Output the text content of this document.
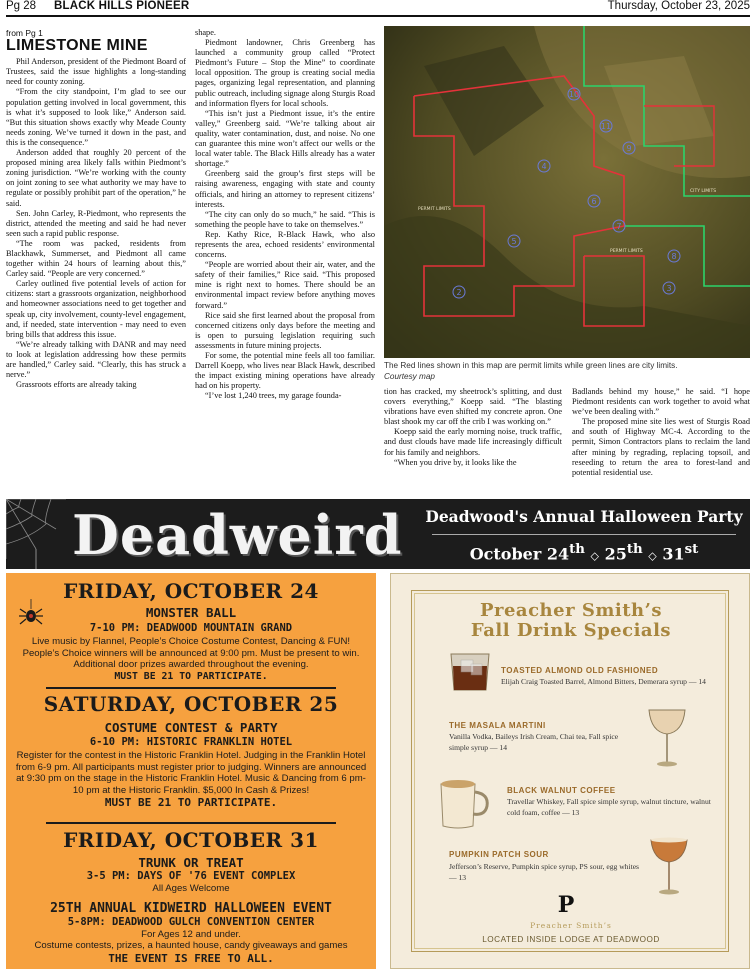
Pg 28 BLACK HILLS PIONEER	Thursday, October 23, 2025
from Pg 1
LIMESTONE MINE

Phil Anderson, president of the Piedmont Board of Trustees, said the issue highlights a long-standing need for county zoning.

“From the city standpoint, I’m glad to see our population getting involved in local government, this is what it’s supposed to look like,” Anderson said. “But this situation shows exactly why Meade County needs zoning. We’ve turned it down in the past, and this is the consequence.”

Anderson added that roughly 20 percent of the proposed mining area likely falls within Piedmont’s zoning jurisdiction. “We’re working with the county on joint zoning to see what authority we may have to regulate or possibly prohibit part of the operation,” he said.

Sen. John Carley, R-Piedmont, who represents the district, attended the meeting and said he had never seen such a rapid public response.

“The room was packed, residents from Blackhawk, Summerset, and Piedmont all came together within 24 hours of learning about this,” Carley said. “People are very concerned.”

Carley outlined five potential levels of action for citizens: start a grassroots organization, neighborhood and homeowner associations need to get together and speak up, city involvement, county-level engagement, and, if needed, state intervention - may need to even bring bills that address this issue.

“We’re already talking with DANR and may need to look at legislation addressing how these permits are handled,” Carley said. “Clearly, this has struck a nerve.”

Grassroots efforts are already taking

shape.

Piedmont landowner, Chris Greenberg has launched a community group called “Protect Piedmont’s Future – Stop the Mine” to coordinate local opposition. The group is creating social media pages, organizing legal representation, and planning public outreach, including signage along Sturgis Road and information flyers for local schools.

“This isn’t just a Piedmont issue, it’s the entire valley,” Greenberg said. “We’re talking about air quality, water contamination, dust, and noise. No one can guarantee this mine won’t affect our wells or the local water table. The Black Hills already has a water shortage.”

Greenberg said the group’s first steps will be raising awareness, engaging with state and county officials, and hiring an attorney to represent citizens’ interests.

“The city can only do so much,” he said. “This is something the people have to take on themselves.”

Rep. Kathy Rice, R-Black Hawk, who also represents the area, echoed residents’ environmental concerns.

“People are worried about their air, water, and the safety of their families,” Rice said. “This proposed mine is right next to homes. There should be an environmental impact review before anything moves forward.”

Rice said she first learned about the proposal from concerned citizens only days before the meeting and is open to pursuing legislation requiring such assessments in future mining projects.

For some, the potential mine feels all too familiar. Darrell Koepp, who lives near Black Hawk, described the impact existing mining operations have already had on his property.

“I’ve lost 1,240 trees, my garage founda-

10
11
9
4
6
7
5
8
2	3
PERMIT LIMITS
PERMIT LIMITS
CITY LIMITS
The Red lines shown in this map are permit limits while green lines are city limits.
Courtesy map

tion has cracked, my sheetrock’s splitting, and dust covers everything,” Koepp said. “The blasting vibrations have even shifted my concrete apron. One blast shook my car off the crib I was working on.”

Koepp said the early morning noise, truck traffic, and dust clouds have made life increasingly difficult for his family and neighbors.

“When you drive by, it looks like the

Badlands behind my house,” he said. “I hope Piedmont residents can work together to avoid what we’ve been dealing with.”

The proposed mine site lies west of Sturgis Road and south of Highway MC-4. According to the permit, Simon Contractors plans to reclaim the land after mining by regrading, replacing topsoil, and reseeding to return the area to forest-land and potential residential use.

Deadweird	Deadwood's Annual Halloween Party
October 24th ◇ 25th ◇ 31st
FRIDAY, OCTOBER 24
MONSTER BALL
7-10 PM: DEADWOOD MOUNTAIN GRAND
Live music by Flannel, People’s Choice Costume Contest, Dancing & FUN! People’s Choice winners will be announced at 9:00 pm. Must be present to win. Additional door prizes awarded throughout the evening.
MUST BE 21 TO PARTICIPATE.
SATURDAY, OCTOBER 25
COSTUME CONTEST & PARTY
6-10 PM: HISTORIC FRANKLIN HOTEL
Register for the contest in the Historic Franklin Hotel. Judging in the Franklin Hotel from 6-9 pm. All participants must register prior to judging. Winners are announced at 9:30 pm on the stage in the Historic Franklin Hotel. Music & Dancing from 6 pm-10 pm at the Historic Franklin. $5,000 In Cash & Prizes!
MUST BE 21 TO PARTICIPATE.
FRIDAY, OCTOBER 31
TRUNK OR TREAT
3-5 PM: DAYS OF '76 EVENT COMPLEX
All Ages Welcome
25TH ANNUAL KIDWEIRD HALLOWEEN EVENT
5-8PM: DEADWOOD GULCH CONVENTION CENTER
For Ages 12 and under.
Costume contests, prizes, a haunted house, candy giveaways and games
THE EVENT IS FREE TO ALL.
Preacher Smith’s
Fall Drink Specials
TOASTED ALMOND OLD FASHIONED
Elijah Craig Toasted Barrel, Almond Bitters, Demerara syrup — 14
THE MASALA MARTINI
Vanilla Vodka, Baileys Irish Cream, Chai tea, Fall spice simple syrup — 14
BLACK WALNUT COFFEE
Travellar Whiskey, Fall spice simple syrup, walnut tincture, walnut cold foam, coffee — 13
PUMPKIN PATCH SOUR
Jefferson’s Reserve, Pumpkin spice syrup, PS sour, egg whites — 13
P
Preacher Smith’s
LOCATED INSIDE LODGE AT DEADWOOD
